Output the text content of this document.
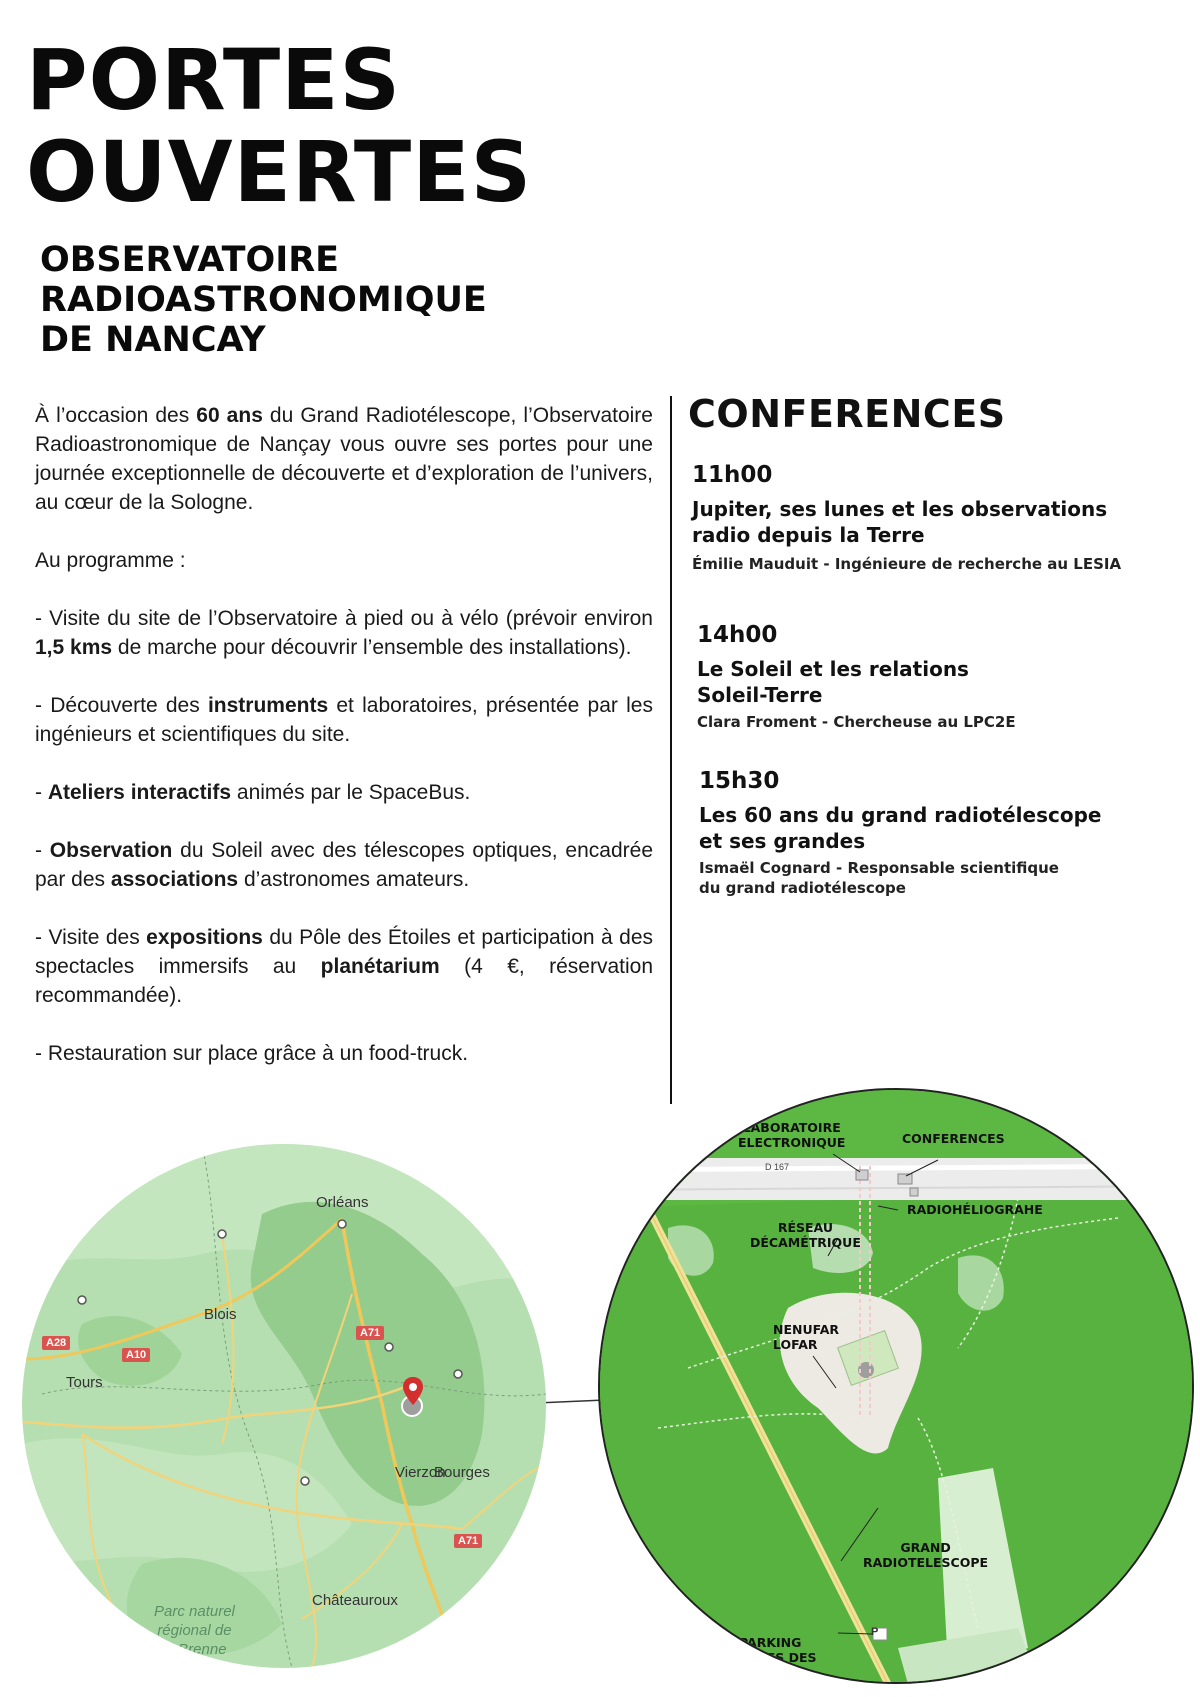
PORTES
OUVERTES
OBSERVATOIRE
RADIOASTRONOMIQUE
DE NANCAY

À l’occasion des 60 ans du Grand Radiotélescope, l’Observatoire Radioastronomique de Nançay vous ouvre ses portes pour une journée exceptionnelle de découverte et d’exploration de l’univers, au cœur de la Sologne.

Au programme :

- Visite du site de l’Observatoire à pied ou à vélo (prévoir environ 1,5 kms de marche pour découvrir l’ensemble des installations).

- Découverte des instruments et laboratoires, présentée par les ingénieurs et scientifiques du site.

- Ateliers interactifs animés par le SpaceBus.

- Observation du Soleil avec des télescopes optiques, encadrée par des associations d’astronomes amateurs.

- Visite des expositions du Pôle des Étoiles et participation à des spectacles immersifs au planétarium (4 €, réservation recommandée).

- Restauration sur place grâce à un food-truck.

CONFERENCES
11h00
Jupiter, ses lunes et les observations radio depuis la Terre
Émilie Mauduit - Ingénieure de recherche au LESIA
14h00
Le Soleil et les relations Soleil-Terre
Clara Froment - Chercheuse au LPC2E
15h30
Les 60 ans du grand radiotélescope et ses grandes
Ismaël Cognard - Responsable scientifique du grand radiotélescope
Orléans
Blois
Tours
Vierzon
Bourges
Châteauroux
Parc naturel
régional de
la Brenne
A28
A10
A71
A71
D 167
LABORATOIRE
ELECTRONIQUE	CONFERENCES
RADIOHÉLIOGRAHE
RÉSEAU
DÉCAMÉTRIQUE
NENUFAR
LOFAR
GRAND
RADIOTELESCOPE
PARKING
POLES DES
ÉTOILES
P
